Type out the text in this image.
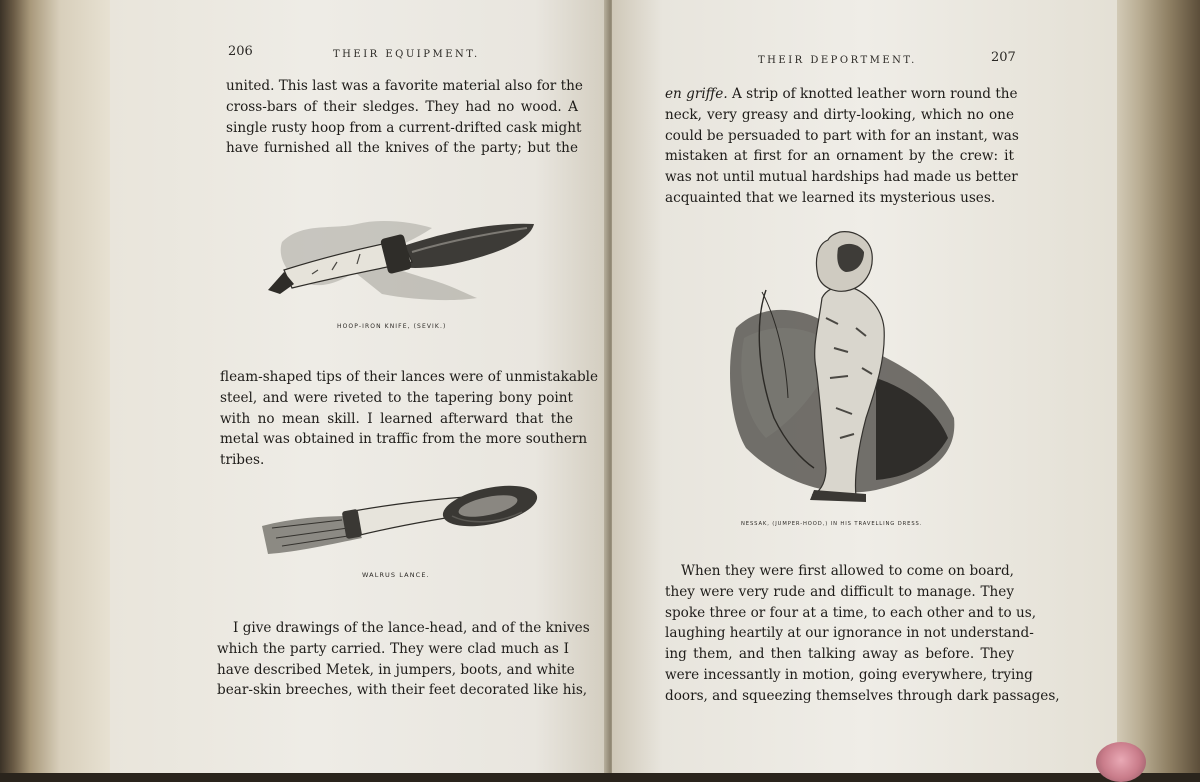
206	THEIR EQUIPMENT.
united. This last was a favorite material also for the
cross-bars of their sledges. They had no wood. A
single rusty hoop from a current-drifted cask might
have furnished all the knives of the party; but the
HOOP-IRON KNIFE, (SEVIK.)
fleam-shaped tips of their lances were of unmistakable
steel, and were riveted to the tapering bony point
with no mean skill. I learned afterward that the
metal was obtained in traffic from the more southern
tribes.
WALRUS LANCE.
I give drawings of the lance-head, and of the knives
which the party carried. They were clad much as I
have described Metek, in jumpers, boots, and white
bear-skin breeches, with their feet decorated like his,
THEIR DEPORTMENT.	207
en griffe. A strip of knotted leather worn round the
neck, very greasy and dirty-looking, which no one
could be persuaded to part with for an instant, was
mistaken at first for an ornament by the crew: it
was not until mutual hardships had made us better
acquainted that we learned its mysterious uses.
NESSAK, (JUMPER-HOOD,) IN HIS TRAVELLING DRESS.
When they were first allowed to come on board,
they were very rude and difficult to manage. They
spoke three or four at a time, to each other and to us,
laughing heartily at our ignorance in not understand-
ing them, and then talking away as before. They
were incessantly in motion, going everywhere, trying
doors, and squeezing themselves through dark passages,
